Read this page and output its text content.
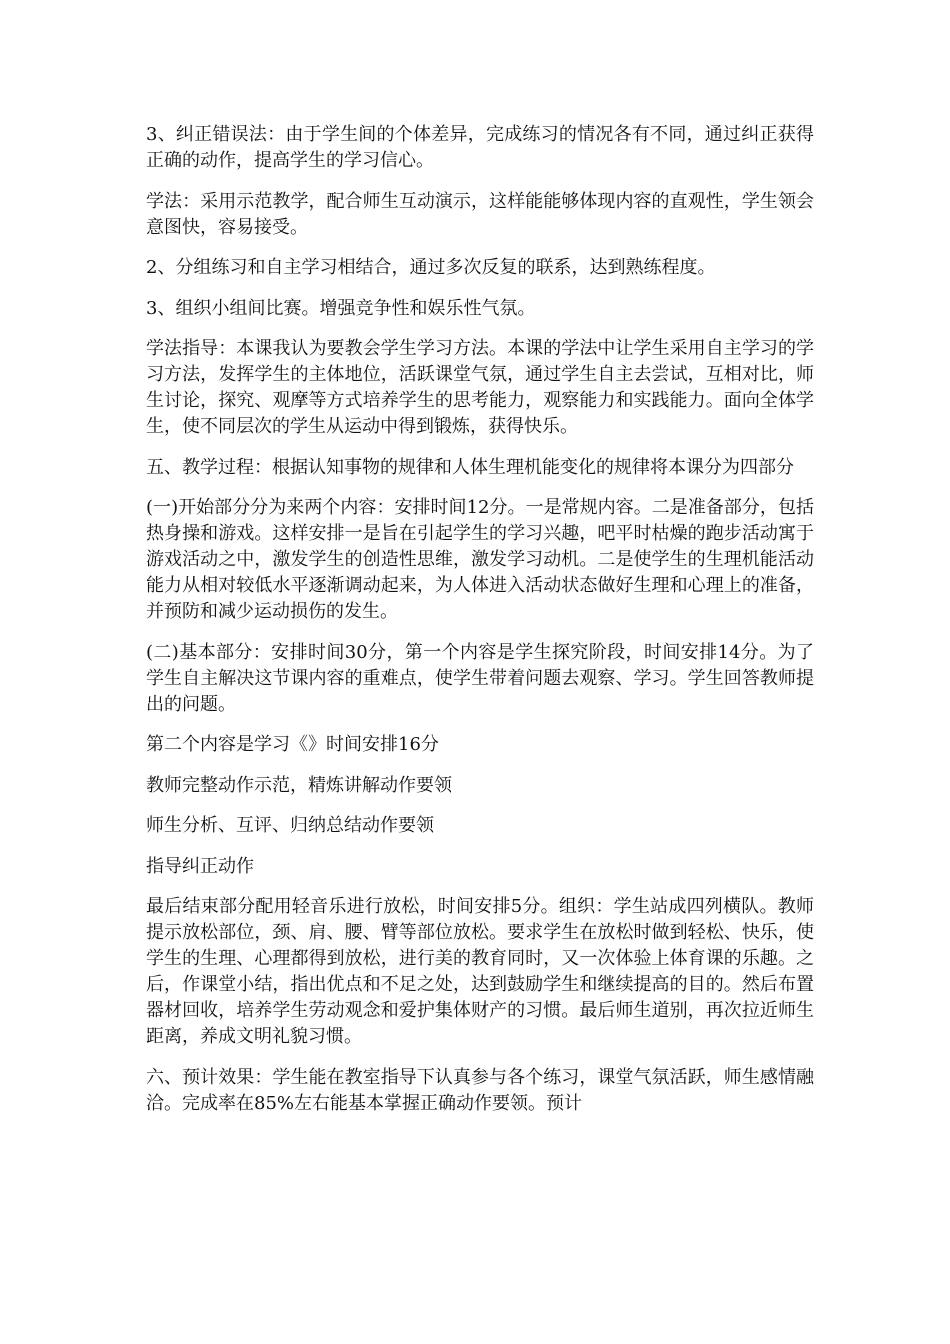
3、纠正错误法：由于学生间的个体差异，完成练习的情况各有不同，通过纠正获得正确的动作，提高学生的学习信心。

学法：采用示范教学，配合师生互动演示，这样能能够体现内容的直观性，学生领会意图快，容易接受。

2、分组练习和自主学习相结合，通过多次反复的联系，达到熟练程度。

3、组织小组间比赛。增强竞争性和娱乐性气氛。

学法指导：本课我认为要教会学生学习方法。本课的学法中让学生采用自主学习的学习方法，发挥学生的主体地位，活跃课堂气氛，通过学生自主去尝试，互相对比，师生讨论，探究、观摩等方式培养学生的思考能力，观察能力和实践能力。面向全体学生，使不同层次的学生从运动中得到锻炼，获得快乐。

五、教学过程：根据认知事物的规律和人体生理机能变化的规律将本课分为四部分

(一)开始部分分为来两个内容：安排时间12分。一是常规内容。二是准备部分，包括热身操和游戏。这样安排一是旨在引起学生的学习兴趣，吧平时枯燥的跑步活动寓于游戏活动之中，激发学生的创造性思维，激发学习动机。二是使学生的生理机能活动能力从相对较低水平逐渐调动起来，为人体进入活动状态做好生理和心理上的准备，并预防和减少运动损伤的发生。

(二)基本部分：安排时间30分，第一个内容是学生探究阶段，时间安排14分。为了学生自主解决这节课内容的重难点，使学生带着问题去观察、学习。学生回答教师提出的问题。

第二个内容是学习《》时间安排16分

教师完整动作示范，精炼讲解动作要领

师生分析、互评、归纳总结动作要领

指导纠正动作

最后结束部分配用轻音乐进行放松，时间安排5分。组织：学生站成四列横队。教师提示放松部位，颈、肩、腰、臂等部位放松。要求学生在放松时做到轻松、快乐，使学生的生理、心理都得到放松，进行美的教育同时，又一次体验上体育课的乐趣。之后，作课堂小结，指出优点和不足之处，达到鼓励学生和继续提高的目的。然后布置器材回收，培养学生劳动观念和爱护集体财产的习惯。最后师生道别，再次拉近师生距离，养成文明礼貌习惯。

六、预计效果：学生能在教室指导下认真参与各个练习，课堂气氛活跃，师生感情融洽。完成率在85%左右能基本掌握正确动作要领。预计
